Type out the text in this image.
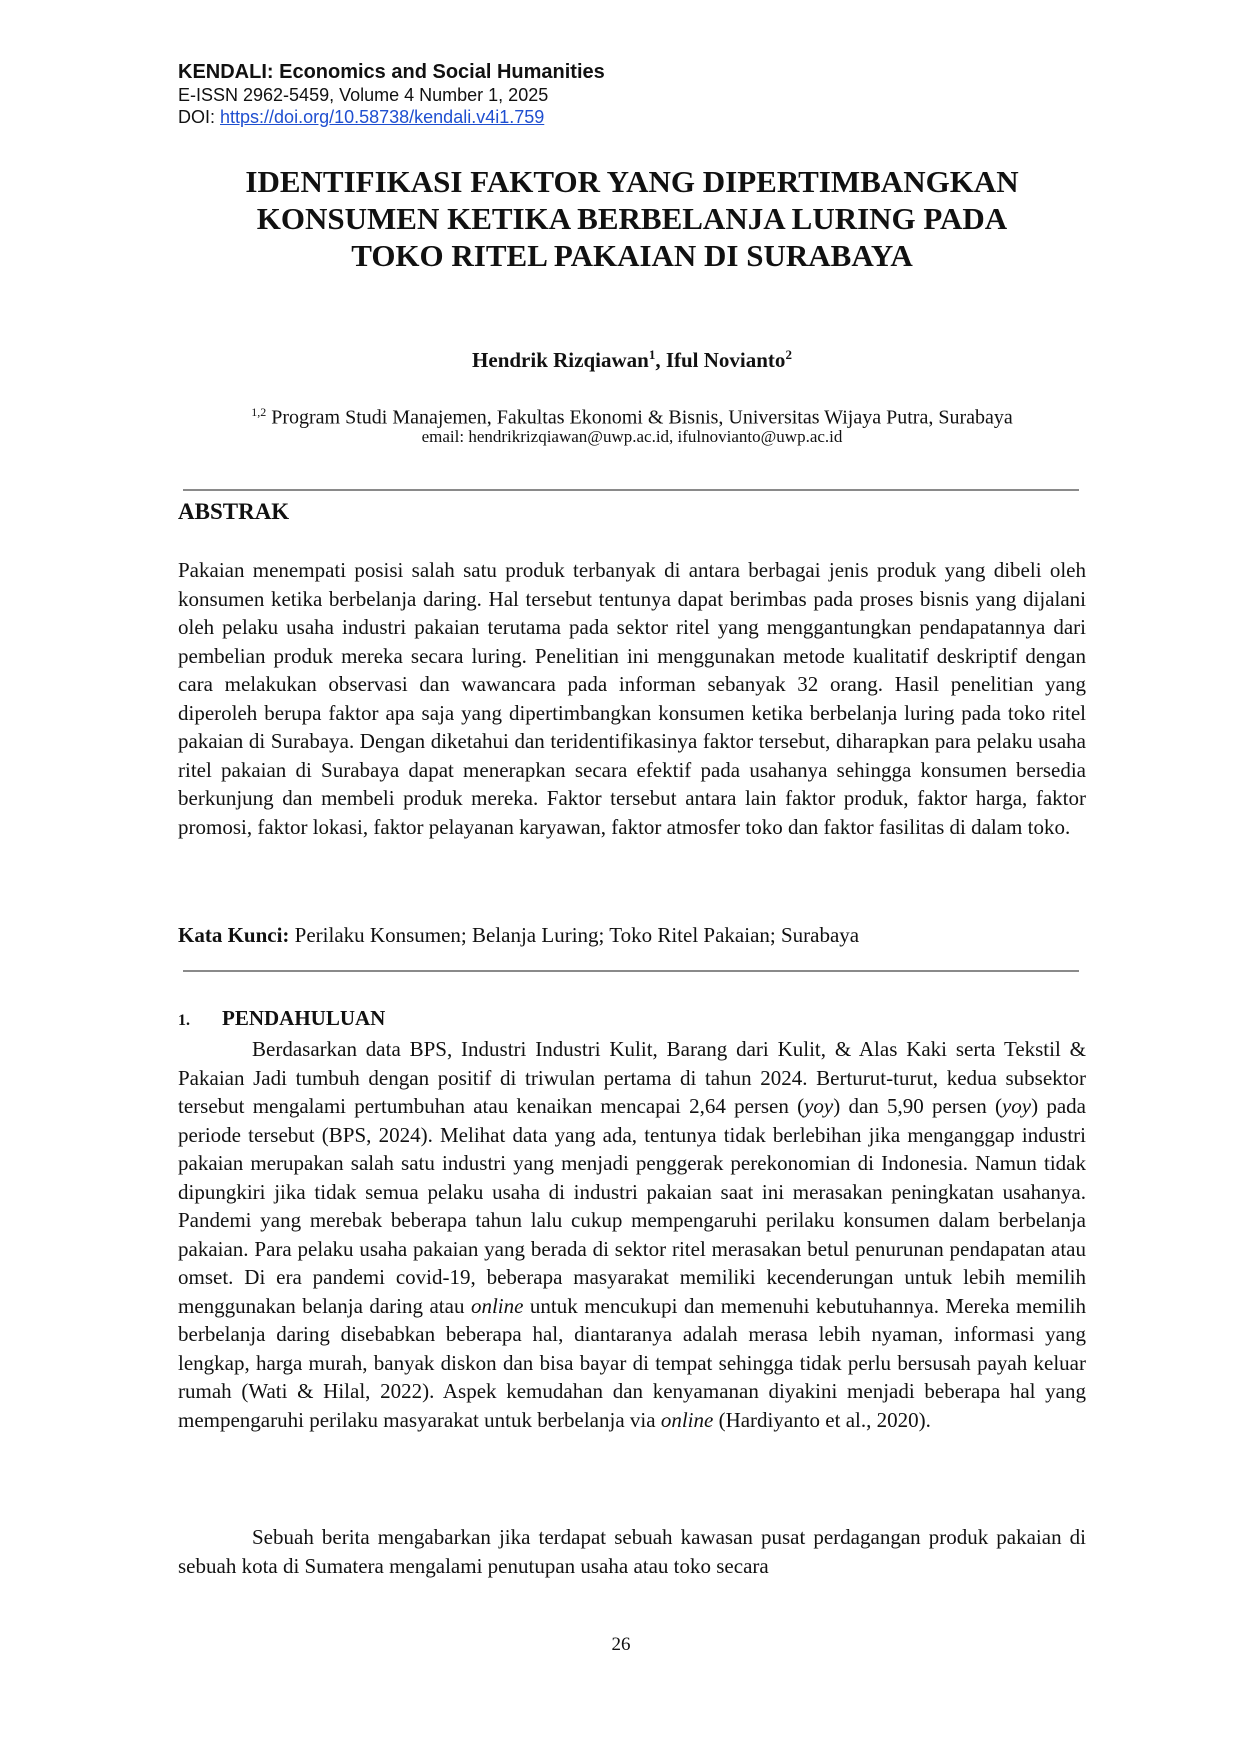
KENDALI: Economics and Social Humanities
E-ISSN 2962-5459, Volume 4 Number 1, 2025
DOI: https://doi.org/10.58738/kendali.v4i1.759
IDENTIFIKASI FAKTOR YANG DIPERTIMBANGKAN
KONSUMEN KETIKA BERBELANJA LURING PADA
TOKO RITEL PAKAIAN DI SURABAYA
Hendrik Rizqiawan$^1$, Iful Novianto$^2$
$^{1,2}$ Program Studi Manajemen, Fakultas Ekonomi & Bisnis, Universitas Wijaya Putra, Surabaya
email: hendrikrizqiawan@uwp.ac.id, ifulnovianto@uwp.ac.id
ABSTRAK
Pakaian menempati posisi salah satu produk terbanyak di antara berbagai jenis produk yang dibeli oleh konsumen ketika berbelanja daring. Hal tersebut tentunya dapat berimbas pada proses bisnis yang dijalani oleh pelaku usaha industri pakaian terutama pada sektor ritel yang menggantungkan pendapatannya dari pembelian produk mereka secara luring. Penelitian ini menggunakan metode kualitatif deskriptif dengan cara melakukan observasi dan wawancara pada informan sebanyak 32 orang. Hasil penelitian yang diperoleh berupa faktor apa saja yang dipertimbangkan konsumen ketika berbelanja luring pada toko ritel pakaian di Surabaya. Dengan diketahui dan teridentifikasinya faktor tersebut, diharapkan para pelaku usaha ritel pakaian di Surabaya dapat menerapkan secara efektif pada usahanya sehingga konsumen bersedia berkunjung dan membeli produk mereka. Faktor tersebut antara lain faktor produk, faktor harga, faktor promosi, faktor lokasi, faktor pelayanan karyawan, faktor atmosfer toko dan faktor fasilitas di dalam toko.
Kata Kunci: Perilaku Konsumen; Belanja Luring; Toko Ritel Pakaian; Surabaya
1. PENDAHULUAN
Berdasarkan data BPS, Industri Industri Kulit, Barang dari Kulit, & Alas Kaki serta Tekstil & Pakaian Jadi tumbuh dengan positif di triwulan pertama di tahun 2024. Berturut-turut, kedua subsektor tersebut mengalami pertumbuhan atau kenaikan mencapai 2,64 persen (yoy) dan 5,90 persen (yoy) pada periode tersebut (BPS, 2024). Melihat data yang ada, tentunya tidak berlebihan jika menganggap industri pakaian merupakan salah satu industri yang menjadi penggerak perekonomian di Indonesia. Namun tidak dipungkiri jika tidak semua pelaku usaha di industri pakaian saat ini merasakan peningkatan usahanya. Pandemi yang merebak beberapa tahun lalu cukup mempengaruhi perilaku konsumen dalam berbelanja pakaian. Para pelaku usaha pakaian yang berada di sektor ritel merasakan betul penurunan pendapatan atau omset. Di era pandemi covid-19, beberapa masyarakat memiliki kecenderungan untuk lebih memilih menggunakan belanja daring atau online untuk mencukupi dan memenuhi kebutuhannya. Mereka memilih berbelanja daring disebabkan beberapa hal, diantaranya adalah merasa lebih nyaman, informasi yang lengkap, harga murah, banyak diskon dan bisa bayar di tempat sehingga tidak perlu bersusah payah keluar rumah (Wati & Hilal, 2022). Aspek kemudahan dan kenyamanan diyakini menjadi beberapa hal yang mempengaruhi perilaku masyarakat untuk berbelanja via online (Hardiyanto et al., 2020).
Sebuah berita mengabarkan jika terdapat sebuah kawasan pusat perdagangan produk pakaian di sebuah kota di Sumatera mengalami penutupan usaha atau toko secara
26
